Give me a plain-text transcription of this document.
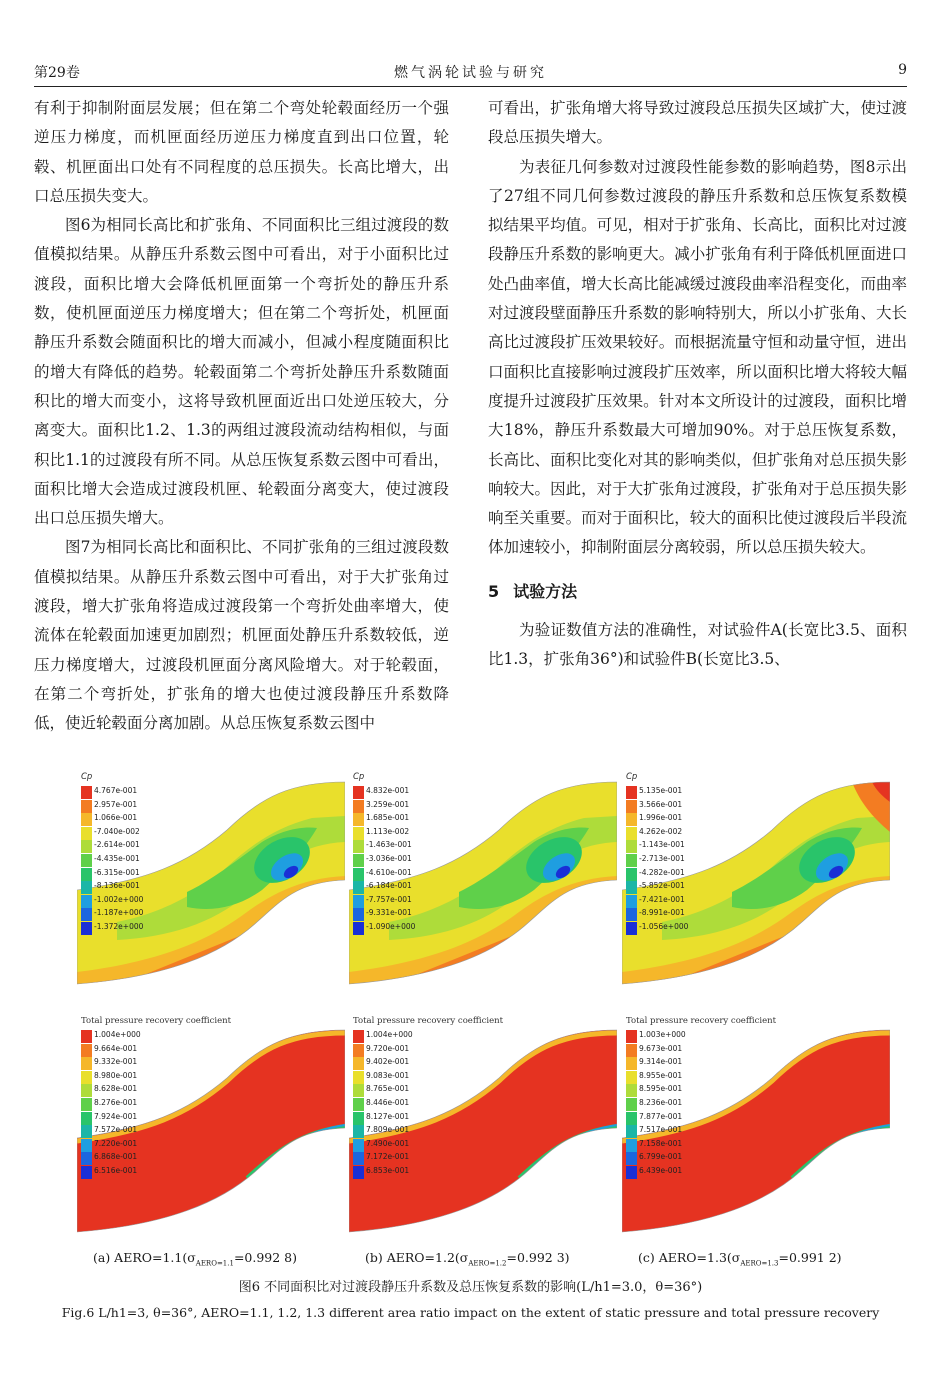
第29卷	燃气涡轮试验与研究	9

有利于抑制附面层发展；但在第二个弯处轮毂面经历一个强逆压力梯度，而机匣面经历逆压力梯度直到出口位置，轮毂、机匣面出口处有不同程度的总压损失。长高比增大，出口总压损失变大。

图6为相同长高比和扩张角、不同面积比三组过渡段的数值模拟结果。从静压升系数云图中可看出，对于小面积比过渡段，面积比增大会降低机匣面第一个弯折处的静压升系数，使机匣面逆压力梯度增大；但在第二个弯折处，机匣面静压升系数会随面积比的增大而减小，但减小程度随面积比的增大有降低的趋势。轮毂面第二个弯折处静压升系数随面积比的增大而变小，这将导致机匣面近出口处逆压较大，分离变大。面积比1.2、1.3的两组过渡段流动结构相似，与面积比1.1的过渡段有所不同。从总压恢复系数云图中可看出，面积比增大会造成过渡段机匣、轮毂面分离变大，使过渡段出口总压损失增大。

图7为相同长高比和面积比、不同扩张角的三组过渡段数值模拟结果。从静压升系数云图中可看出，对于大扩张角过渡段，增大扩张角将造成过渡段第一个弯折处曲率增大，使流体在轮毂面加速更加剧烈；机匣面处静压升系数较低，逆压力梯度增大，过渡段机匣面分离风险增大。对于轮毂面，在第二个弯折处，扩张角的增大也使过渡段静压升系数降低，使近轮毂面分离加剧。从总压恢复系数云图中

可看出，扩张角增大将导致过渡段总压损失区域扩大，使过渡段总压损失增大。

为表征几何参数对过渡段性能参数的影响趋势，图8示出了27组不同几何参数过渡段的静压升系数和总压恢复系数模拟结果平均值。可见，相对于扩张角、长高比，面积比对过渡段静压升系数的影响更大。减小扩张角有利于降低机匣面进口处凸曲率值，增大长高比能减缓过渡段曲率沿程变化，而曲率对过渡段壁面静压升系数的影响特别大，所以小扩张角、大长高比过渡段扩压效果较好。而根据流量守恒和动量守恒，进出口面积比直接影响过渡段扩压效率，所以面积比增大将较大幅度提升过渡段扩压效果。针对本文所设计的过渡段，面积比增大18%，静压升系数最大可增加90%。对于总压恢复系数，长高比、面积比变化对其的影响类似，但扩张角对总压损失影响较大。因此，对于大扩张角过渡段，扩张角对于总压损失影响至关重要。而对于面积比，较大的面积比使过渡段后半段流体加速较小，抑制附面层分离较弱，所以总压损失较大。

5 试验方法

为验证数值方法的准确性，对试验件A(长宽比3.5、面积比1.3，扩张角36°)和试验件B(长宽比3.5、

Cp
4.767e-001
2.957e-001
1.066e-001
-7.040e-002
-2.614e-001
-4.435e-001
-6.315e-001
-8.136e-001
-1.002e+000
-1.187e+000
-1.372e+000
Total pressure recovery coefficient
1.004e+000
9.664e-001
9.332e-001
8.980e-001
8.628e-001
8.276e-001
7.924e-001
7.572e-001
7.220e-001
6.868e-001
6.516e-001
(a) $AERO=1.1(\sigma_{AERO=1.1}=0.992$ 8)
Cp
4.832e-001
3.259e-001
1.685e-001
1.113e-002
-1.463e-001
-3.036e-001
-4.610e-001
-6.184e-001
-7.757e-001
-9.331e-001
-1.090e+000
Total pressure recovery coefficient
1.004e+000
9.720e-001
9.402e-001
9.083e-001
8.765e-001
8.446e-001
8.127e-001
7.809e-001
7.490e-001
7.172e-001
6.853e-001
(b) $AERO=1.2(\sigma_{AERO=1.2}=0.992$ 3)
Cp
5.135e-001
3.566e-001
1.996e-001
4.262e-002
-1.143e-001
-2.713e-001
-4.282e-001
-5.852e-001
-7.421e-001
-8.991e-001
-1.056e+000
Total pressure recovery coefficient
1.003e+000
9.673e-001
9.314e-001
8.955e-001
8.595e-001
8.236e-001
7.877e-001
7.517e-001
7.158e-001
6.799e-001
6.439e-001
(c) $AERO=1.3(\sigma_{AERO=1.3}=0.991$ 2)
图6 不同面积比对过渡段静压升系数及总压恢复系数的影响(L/h1=3.0，θ=36°)
Fig.6 L/h1=3, θ=36°, AERO=1.1, 1.2, 1.3 different area ratio impact on the extent of static pressure and total pressure recovery
